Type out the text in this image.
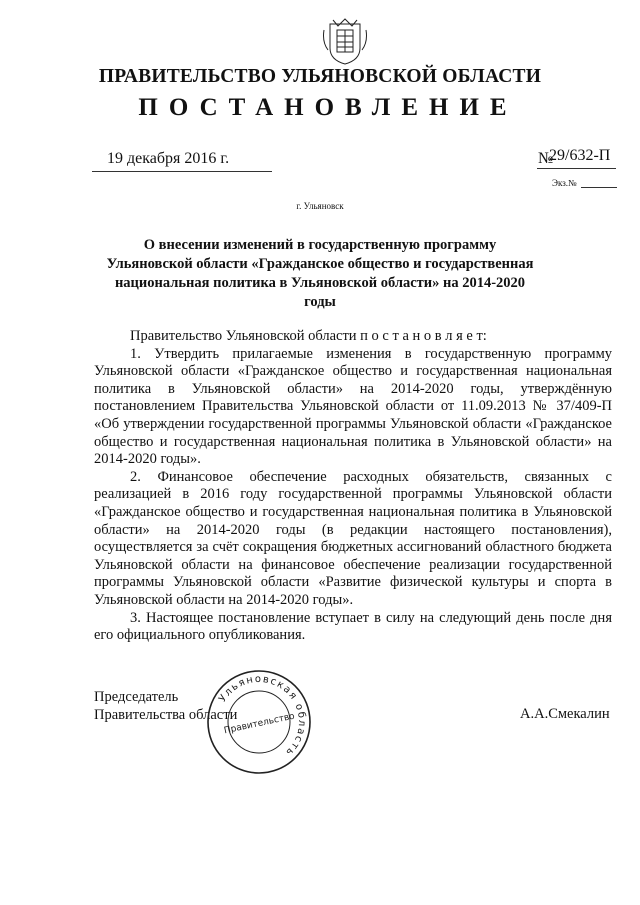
ПРАВИТЕЛЬСТВО УЛЬЯНОВСКОЙ ОБЛАСТИ
ПОСТАНОВЛЕНИЕ
19 декабря 2016 г.	№
29/632-П
Экз.№
г. Ульяновск
О внесении изменений в государственную программу Ульяновской области «Гражданское общество и государственная национальная политика в Ульяновской области» на 2014-2020 годы

Правительство Ульяновской области п о с т а н о в л я е т:

1. Утвердить прилагаемые изменения в государственную программу Ульяновской области «Гражданское общество и государственная национальная политика в Ульяновской области» на 2014-2020 годы, утверждённую постановлением Правительства Ульяновской области от 11.09.2013 № 37/409-П «Об утверждении государственной программы Ульяновской области «Гражданское общество и государственная национальная политика в Ульяновской области» на 2014-2020 годы».

2. Финансовое обеспечение расходных обязательств, связанных с реализацией в 2016 году государственной программы Ульяновской области «Гражданское общество и государственная национальная политика в Ульяновской области» на 2014-2020 годы (в редакции настоящего постановления), осуществляется за счёт сокращения бюджетных ассигнований областного бюджета Ульяновской области на финансовое обеспечение реализации государственной программы Ульяновской области «Развитие физической культуры и спорта в Ульяновской области на 2014-2020 годы».

3. Настоящее постановление вступает в силу на следующий день после дня его официального опубликования.

Председатель
Правительства области	А.А.Смекалин
Ульяновская область
Правительство
